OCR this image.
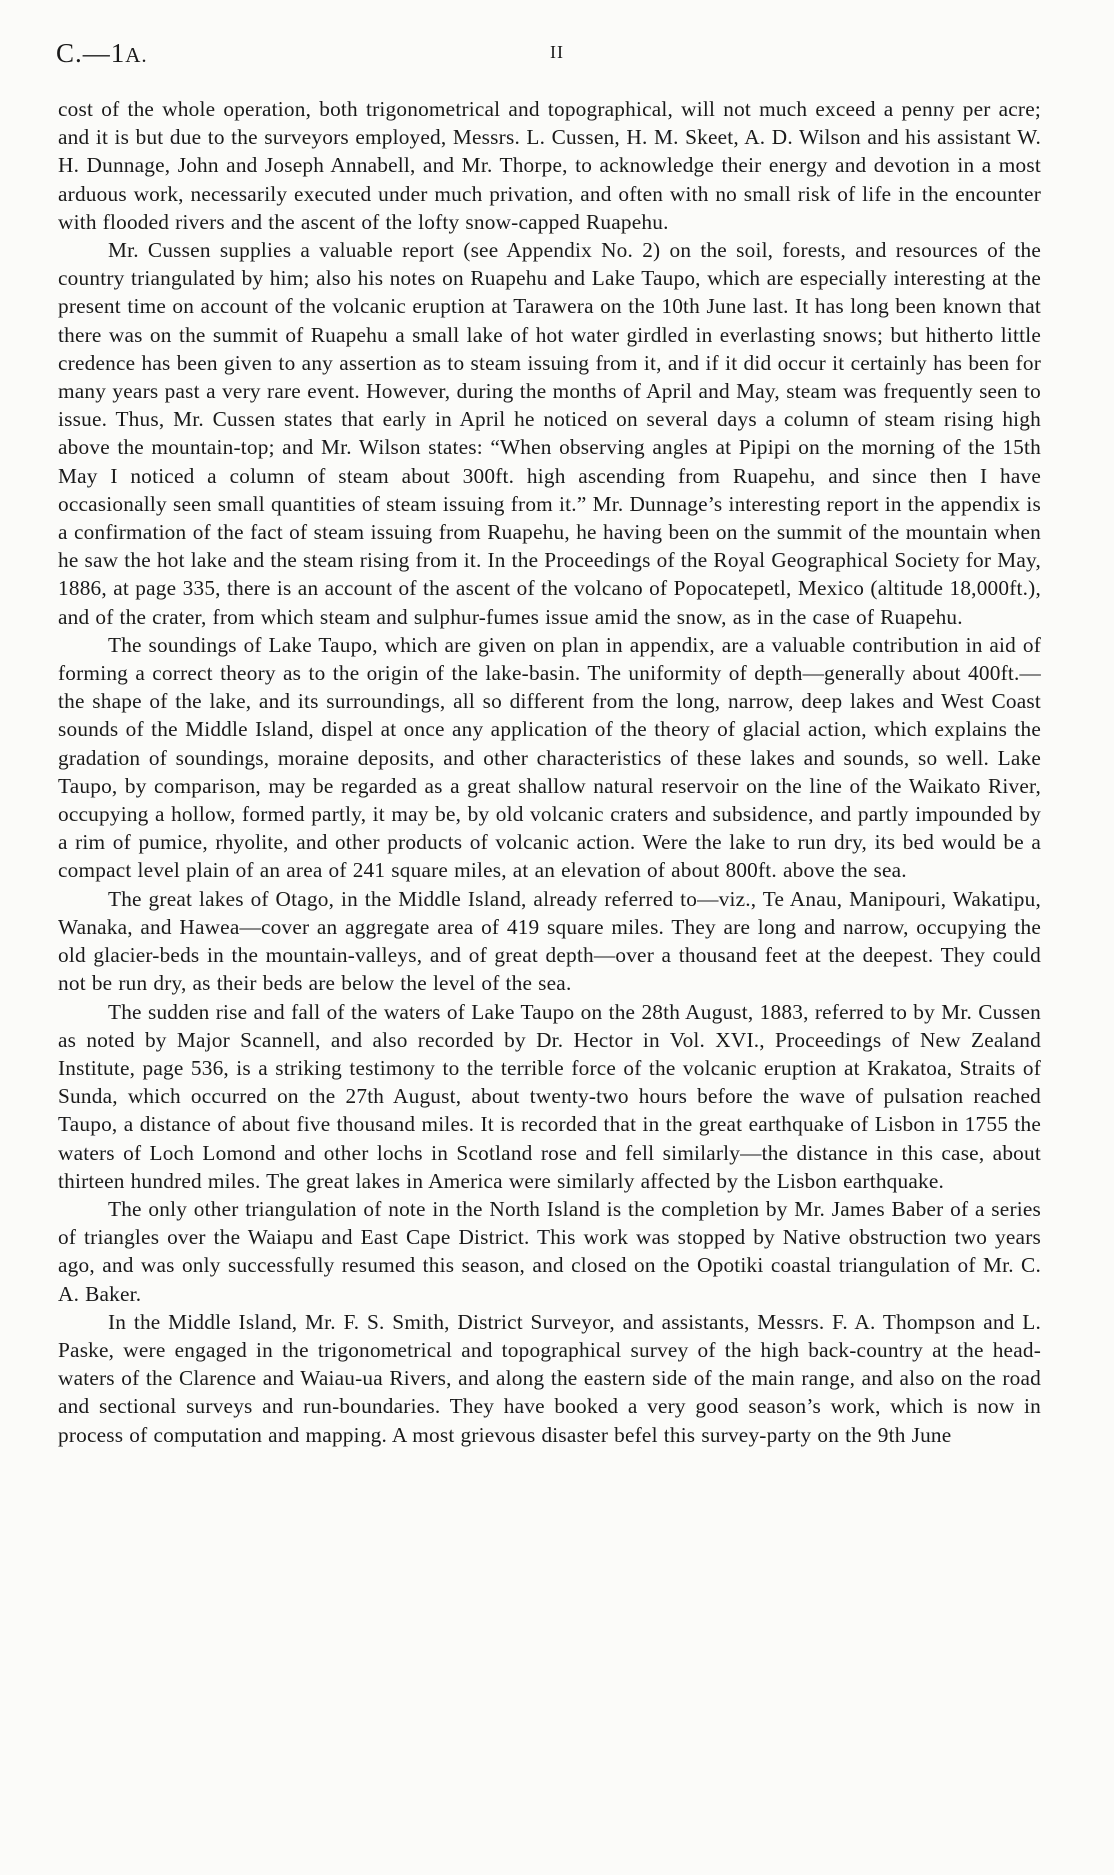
C.—1A.	II

cost of the whole operation, both trigonometrical and topographical, will not much exceed a penny per acre; and it is but due to the surveyors employed, Messrs. L. Cussen, H. M. Skeet, A. D. Wilson and his assistant W. H. Dunnage, John and Joseph Annabell, and Mr. Thorpe, to acknowledge their energy and devotion in a most arduous work, necessarily executed under much privation, and often with no small risk of life in the encounter with flooded rivers and the ascent of the lofty snow-capped Ruapehu.

Mr. Cussen supplies a valuable report (see Appendix No. 2) on the soil, forests, and resources of the country triangulated by him; also his notes on Ruapehu and Lake Taupo, which are especially interesting at the present time on account of the volcanic eruption at Tarawera on the 10th June last. It has long been known that there was on the summit of Ruapehu a small lake of hot water girdled in everlasting snows; but hitherto little credence has been given to any assertion as to steam issuing from it, and if it did occur it certainly has been for many years past a very rare event. However, during the months of April and May, steam was frequently seen to issue. Thus, Mr. Cussen states that early in April he noticed on several days a column of steam rising high above the mountain-top; and Mr. Wilson states: “When observing angles at Pipipi on the morning of the 15th May I noticed a column of steam about 300ft. high ascending from Ruapehu, and since then I have occasionally seen small quantities of steam issuing from it.” Mr. Dunnage’s interesting report in the appendix is a confirmation of the fact of steam issuing from Ruapehu, he having been on the summit of the mountain when he saw the hot lake and the steam rising from it. In the Proceedings of the Royal Geographical Society for May, 1886, at page 335, there is an account of the ascent of the volcano of Popocatepetl, Mexico (altitude 18,000ft.), and of the crater, from which steam and sulphur-fumes issue amid the snow, as in the case of Ruapehu.

The soundings of Lake Taupo, which are given on plan in appendix, are a valuable contribution in aid of forming a correct theory as to the origin of the lake-basin. The uniformity of depth—generally about 400ft.—the shape of the lake, and its surroundings, all so different from the long, narrow, deep lakes and West Coast sounds of the Middle Island, dispel at once any application of the theory of glacial action, which explains the gradation of soundings, moraine deposits, and other characteristics of these lakes and sounds, so well. Lake Taupo, by comparison, may be regarded as a great shallow natural reservoir on the line of the Waikato River, occupying a hollow, formed partly, it may be, by old volcanic craters and subsidence, and partly impounded by a rim of pumice, rhyolite, and other products of volcanic action. Were the lake to run dry, its bed would be a compact level plain of an area of 241 square miles, at an elevation of about 800ft. above the sea.

The great lakes of Otago, in the Middle Island, already referred to—viz., Te Anau, Manipouri, Wakatipu, Wanaka, and Hawea—cover an aggregate area of 419 square miles. They are long and narrow, occupying the old glacier-beds in the mountain-valleys, and of great depth—over a thousand feet at the deepest. They could not be run dry, as their beds are below the level of the sea.

The sudden rise and fall of the waters of Lake Taupo on the 28th August, 1883, referred to by Mr. Cussen as noted by Major Scannell, and also recorded by Dr. Hector in Vol. XVI., Proceedings of New Zealand Institute, page 536, is a striking testimony to the terrible force of the volcanic eruption at Krakatoa, Straits of Sunda, which occurred on the 27th August, about twenty-two hours before the wave of pulsation reached Taupo, a distance of about five thousand miles. It is recorded that in the great earthquake of Lisbon in 1755 the waters of Loch Lomond and other lochs in Scotland rose and fell similarly—the distance in this case, about thirteen hundred miles. The great lakes in America were similarly affected by the Lisbon earthquake.

The only other triangulation of note in the North Island is the completion by Mr. James Baber of a series of triangles over the Waiapu and East Cape District. This work was stopped by Native obstruction two years ago, and was only successfully resumed this season, and closed on the Opotiki coastal triangulation of Mr. C. A. Baker.

In the Middle Island, Mr. F. S. Smith, District Surveyor, and assistants, Messrs. F. A. Thompson and L. Paske, were engaged in the trigonometrical and topographical survey of the high back-country at the head-waters of the Clarence and Waiau-ua Rivers, and along the eastern side of the main range, and also on the road and sectional surveys and run-boundaries. They have booked a very good season’s work, which is now in process of computation and mapping. A most grievous disaster befel this survey-party on the 9th June
